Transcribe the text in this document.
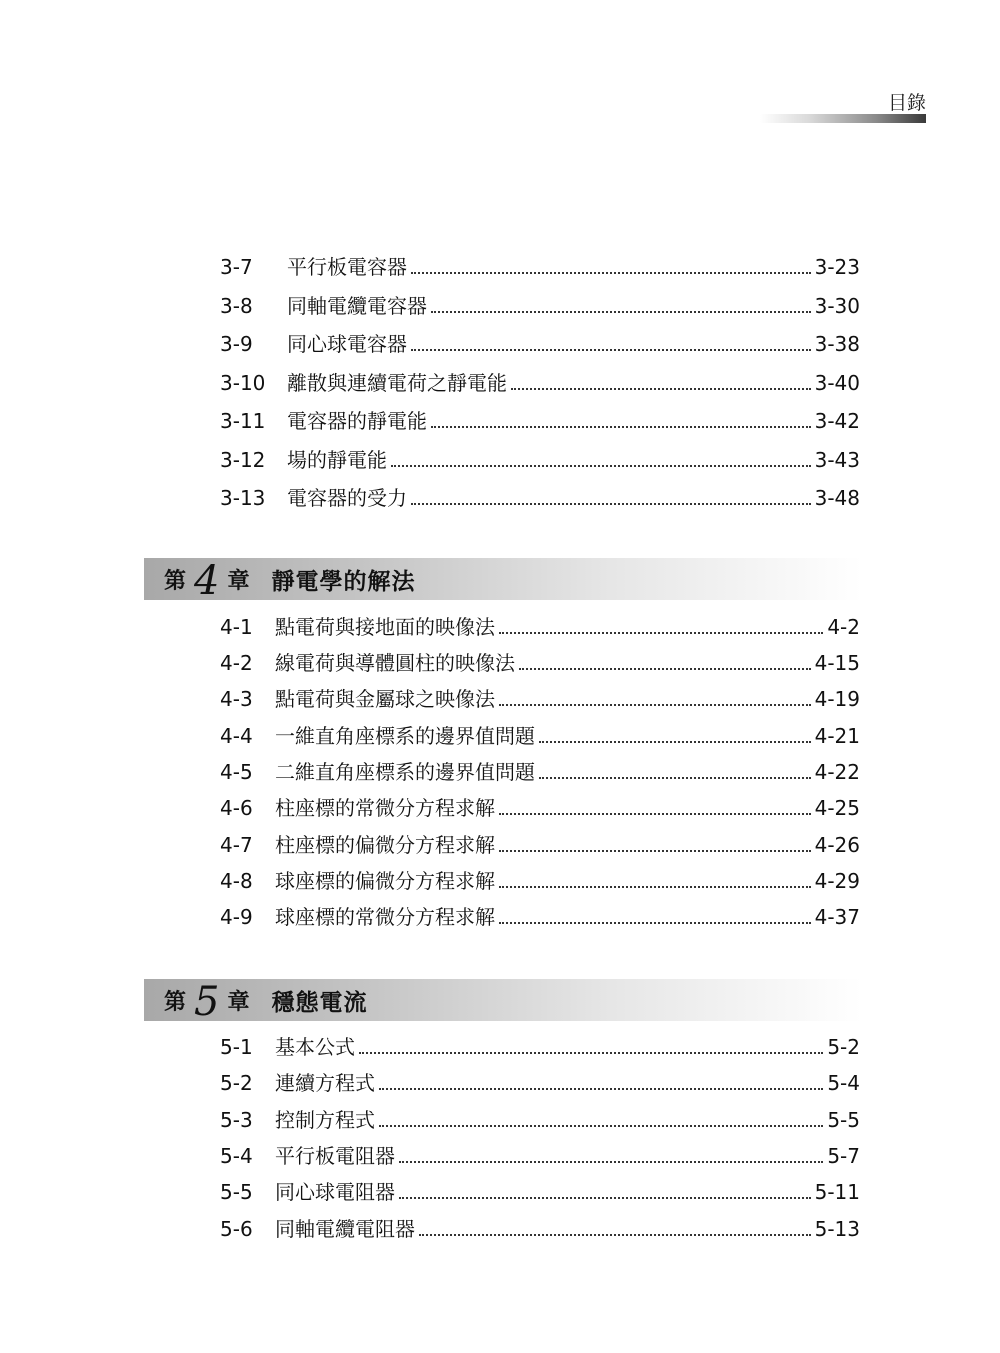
目錄
3-7	平行板電容器	3-23
3-8	同軸電纜電容器	3-30
3-9	同心球電容器	3-38
3-10	離散與連續電荷之靜電能	3-40
3-11	電容器的靜電能	3-42
3-12	場的靜電能	3-43
3-13	電容器的受力	3-48
第 4 章 靜電學的解法
4-1	點電荷與接地面的映像法	4-2
4-2	線電荷與導體圓柱的映像法	4-15
4-3	點電荷與金屬球之映像法	4-19
4-4	一維直角座標系的邊界值問題	4-21
4-5	二維直角座標系的邊界值問題	4-22
4-6	柱座標的常微分方程求解	4-25
4-7	柱座標的偏微分方程求解	4-26
4-8	球座標的偏微分方程求解	4-29
4-9	球座標的常微分方程求解	4-37
第 5 章 穩態電流
5-1	基本公式	5-2
5-2	連續方程式	5-4
5-3	控制方程式	5-5
5-4	平行板電阻器	5-7
5-5	同心球電阻器	5-11
5-6	同軸電纜電阻器	5-13
